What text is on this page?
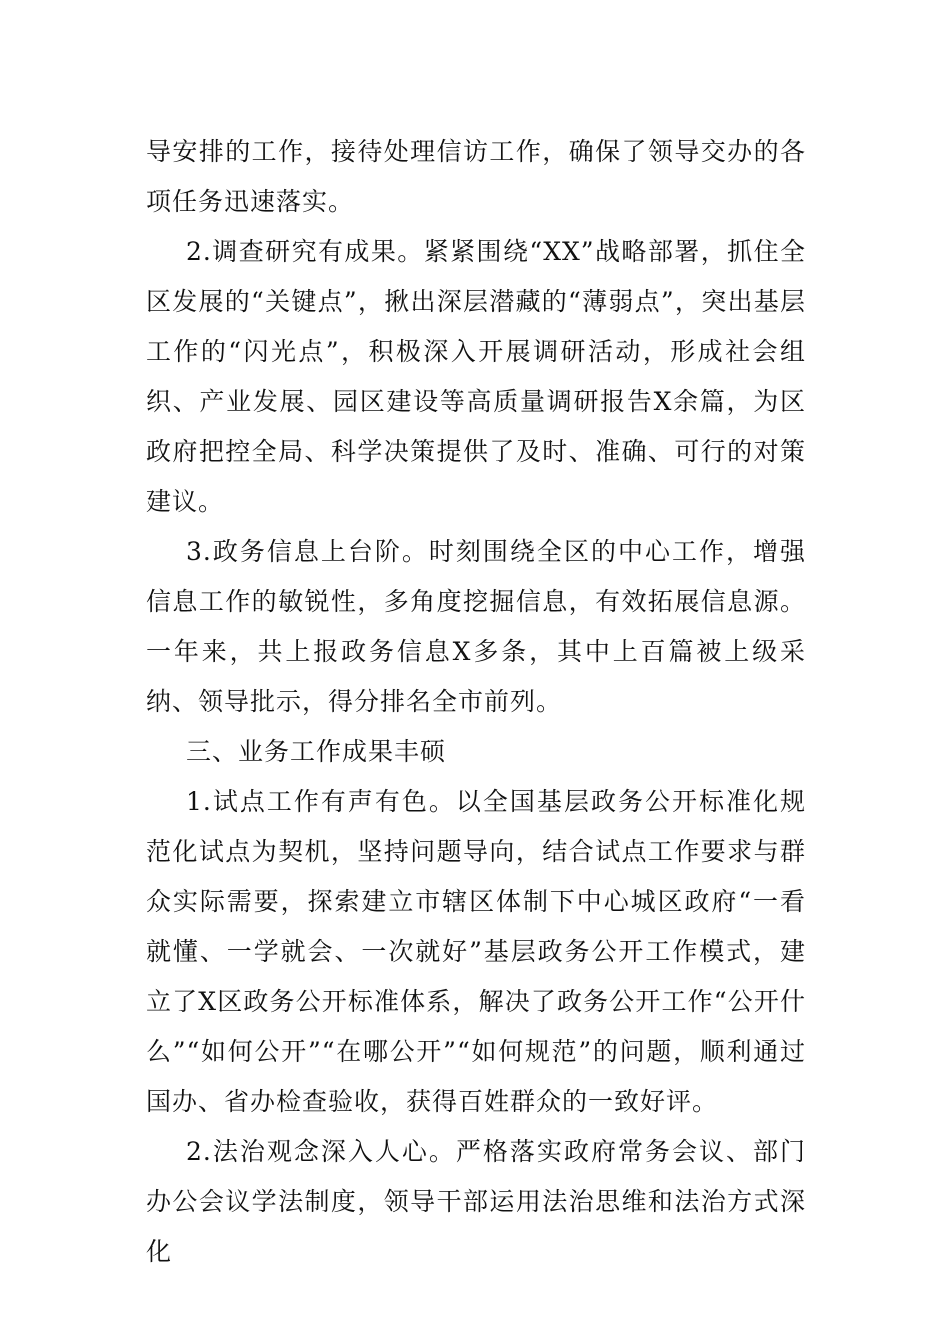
导安排的工作，接待处理信访工作，确保了领导交办的各项任务迅速落实。

2.调查研究有成果。紧紧围绕“XX”战略部署，抓住全区发展的“关键点”，揪出深层潜藏的“薄弱点”，突出基层工作的“闪光点”，积极深入开展调研活动，形成社会组织、产业发展、园区建设等高质量调研报告X余篇，为区政府把控全局、科学决策提供了及时、准确、可行的对策建议。

3.政务信息上台阶。时刻围绕全区的中心工作，增强信息工作的敏锐性，多角度挖掘信息，有效拓展信息源。一年来，共上报政务信息X多条，其中上百篇被上级采纳、领导批示，得分排名全市前列。

三、业务工作成果丰硕

1.试点工作有声有色。以全国基层政务公开标准化规范化试点为契机，坚持问题导向，结合试点工作要求与群众实际需要，探索建立市辖区体制下中心城区政府“一看就懂、一学就会、一次就好”基层政务公开工作模式，建立了X区政务公开标准体系，解决了政务公开工作“公开什么”“如何公开”“在哪公开”“如何规范”的问题，顺利通过国办、省办检查验收，获得百姓群众的一致好评。

2.法治观念深入人心。严格落实政府常务会议、部门办公会议学法制度，领导干部运用法治思维和法治方式深化
